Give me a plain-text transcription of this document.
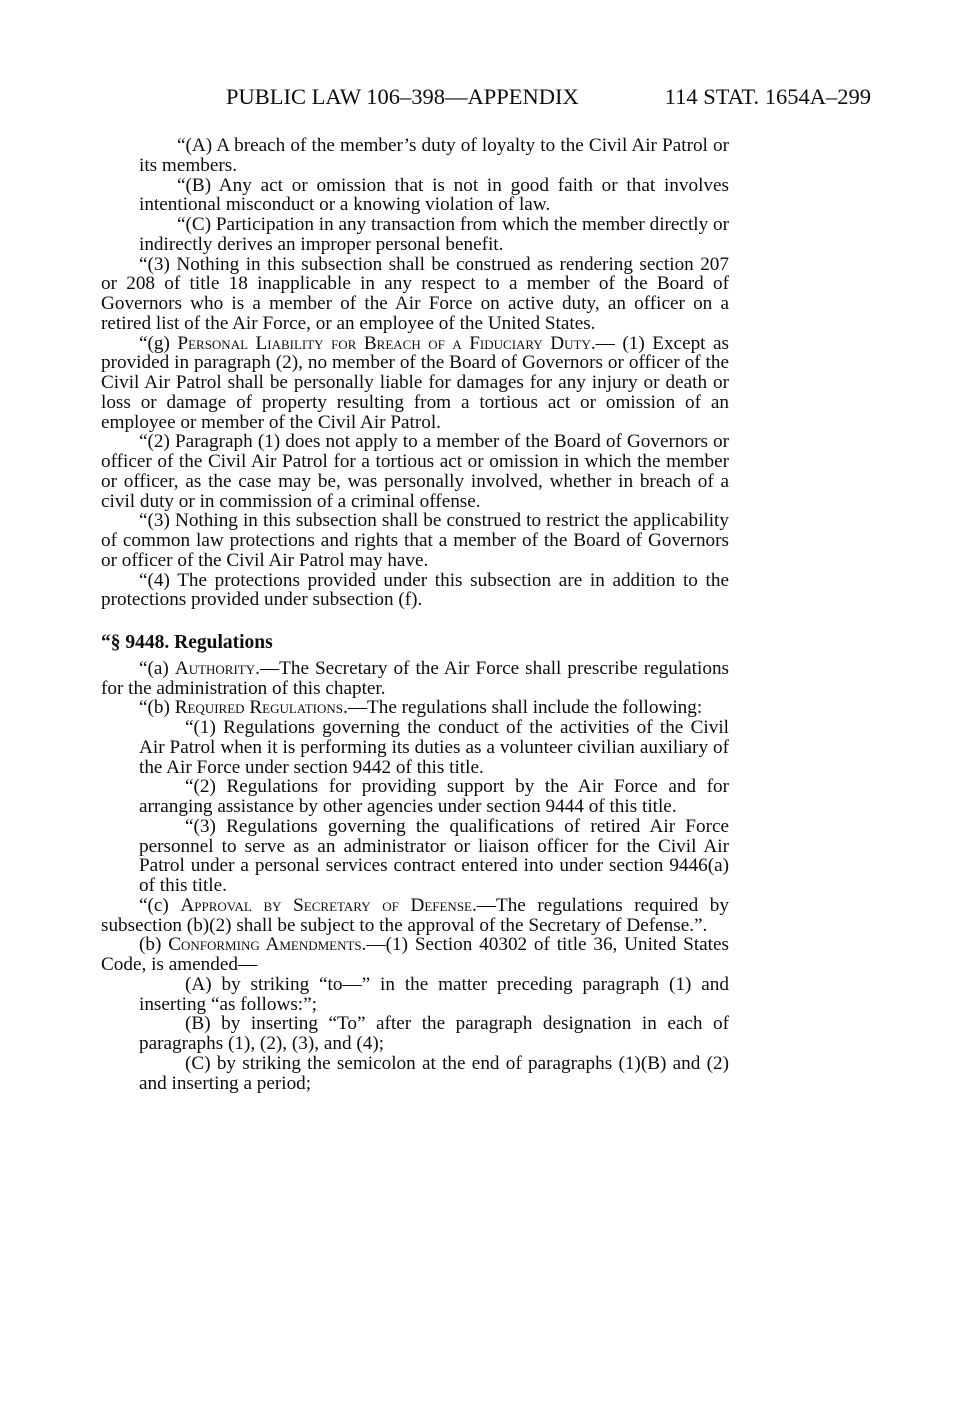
PUBLIC LAW 106–398—APPENDIX	114 STAT. 1654A–299

“(A) A breach of the member’s duty of loyalty to the Civil Air Patrol or its members.

“(B) Any act or omission that is not in good faith or that involves intentional misconduct or a knowing violation of law.

“(C) Participation in any transaction from which the member directly or indirectly derives an improper personal benefit.

“(3) Nothing in this subsection shall be construed as rendering section 207 or 208 of title 18 inapplicable in any respect to a member of the Board of Governors who is a member of the Air Force on active duty, an officer on a retired list of the Air Force, or an employee of the United States.

“(g) Personal Liability for Breach of a Fiduciary Duty.— (1) Except as provided in paragraph (2), no member of the Board of Governors or officer of the Civil Air Patrol shall be personally liable for damages for any injury or death or loss or damage of property resulting from a tortious act or omission of an employee or member of the Civil Air Patrol.

“(2) Paragraph (1) does not apply to a member of the Board of Governors or officer of the Civil Air Patrol for a tortious act or omission in which the member or officer, as the case may be, was personally involved, whether in breach of a civil duty or in commission of a criminal offense.

“(3) Nothing in this subsection shall be construed to restrict the applicability of common law protections and rights that a member of the Board of Governors or officer of the Civil Air Patrol may have.

“(4) The protections provided under this subsection are in addition to the protections provided under subsection (f).

“§ 9448. Regulations

“(a) Authority.—The Secretary of the Air Force shall prescribe regulations for the administration of this chapter.

“(b) Required Regulations.—The regulations shall include the following:

“(1) Regulations governing the conduct of the activities of the Civil Air Patrol when it is performing its duties as a volunteer civilian auxiliary of the Air Force under section 9442 of this title.

“(2) Regulations for providing support by the Air Force and for arranging assistance by other agencies under section 9444 of this title.

“(3) Regulations governing the qualifications of retired Air Force personnel to serve as an administrator or liaison officer for the Civil Air Patrol under a personal services contract entered into under section 9446(a) of this title.

“(c) Approval by Secretary of Defense.—The regulations required by subsection (b)(2) shall be subject to the approval of the Secretary of Defense.”.

(b) Conforming Amendments.—(1) Section 40302 of title 36, United States Code, is amended—

(A) by striking “to—” in the matter preceding paragraph (1) and inserting “as follows:”;

(B) by inserting “To” after the paragraph designation in each of paragraphs (1), (2), (3), and (4);

(C) by striking the semicolon at the end of paragraphs (1)(B) and (2) and inserting a period;
